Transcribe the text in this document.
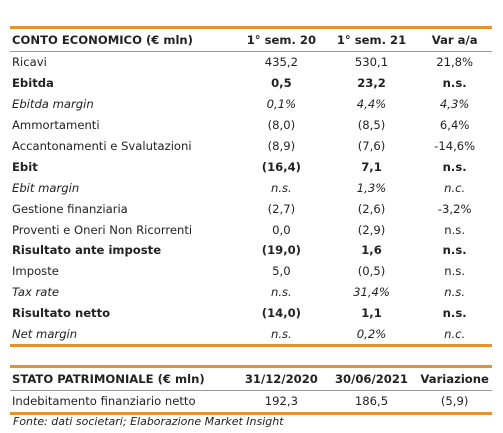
CONTO ECONOMICO (€ mln)	1° sem. 20	1° sem. 21	Var a/a
Ricavi	435,2	530,1	21,8%
Ebitda	0,5	23,2	n.s.
Ebitda margin	0,1%	4,4%	4,3%
Ammortamenti	(8,0)	(8,5)	6,4%
Accantonamenti e Svalutazioni	(8,9)	(7,6)	-14,6%
Ebit	(16,4)	7,1	n.s.
Ebit margin	n.s.	1,3%	n.c.
Gestione finanziaria	(2,7)	(2,6)	-3,2%
Proventi e Oneri Non Ricorrenti	0,0	(2,9)	n.s.
Risultato ante imposte	(19,0)	1,6	n.s.
Imposte	5,0	(0,5)	n.s.
Tax rate	n.s.	31,4%	n.s.
Risultato netto	(14,0)	1,1	n.s.
Net margin	n.s.	0,2%	n.c.
STATO PATRIMONIALE (€ mln)	31/12/2020	30/06/2021	Variazione
Indebitamento finanziario netto	192,3	186,5	(5,9)
Fonte: dati societari; Elaborazione Market Insight
